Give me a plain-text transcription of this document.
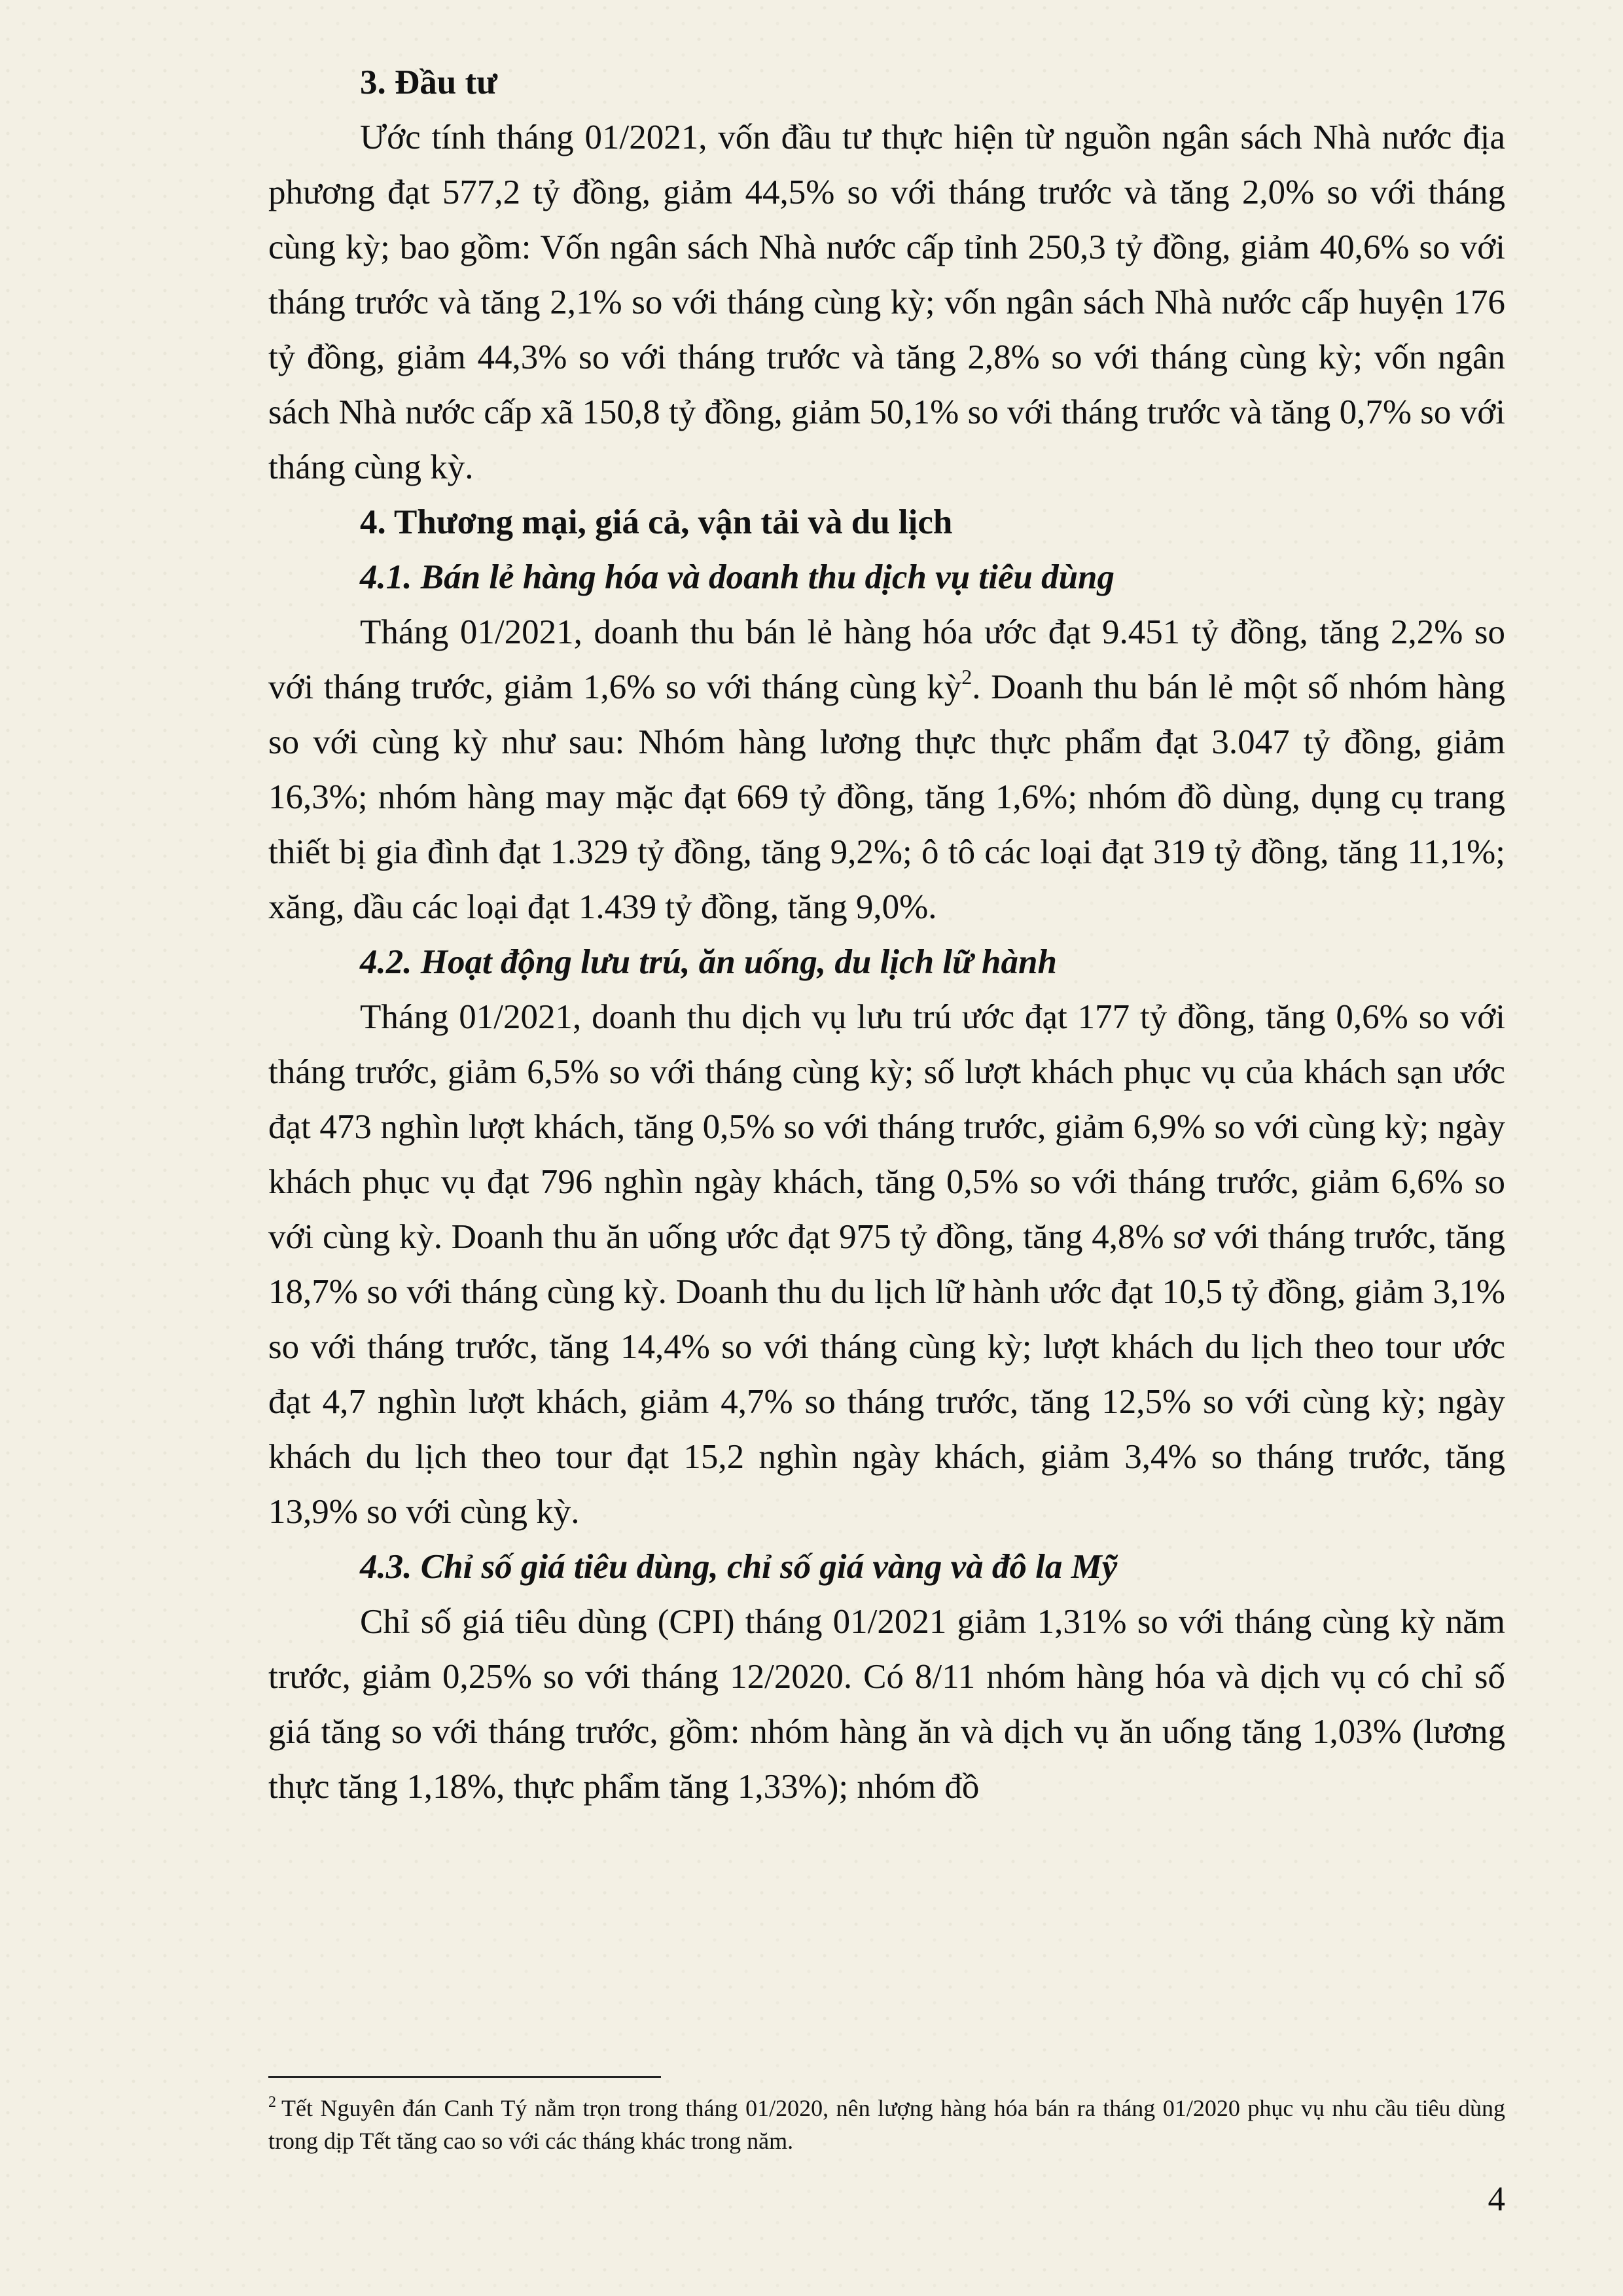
3. Đầu tư

Ước tính tháng 01/2021, vốn đầu tư thực hiện từ nguồn ngân sách Nhà nước địa phương đạt 577,2 tỷ đồng, giảm 44,5% so với tháng trước và tăng 2,0% so với tháng cùng kỳ; bao gồm: Vốn ngân sách Nhà nước cấp tỉnh 250,3 tỷ đồng, giảm 40,6% so với tháng trước và tăng 2,1% so với tháng cùng kỳ; vốn ngân sách Nhà nước cấp huyện 176 tỷ đồng, giảm 44,3% so với tháng trước và tăng 2,8% so với tháng cùng kỳ; vốn ngân sách Nhà nước cấp xã 150,8 tỷ đồng, giảm 50,1% so với tháng trước và tăng 0,7% so với tháng cùng kỳ.

4. Thương mại, giá cả, vận tải và du lịch
4.1. Bán lẻ hàng hóa và doanh thu dịch vụ tiêu dùng

Tháng 01/2021, doanh thu bán lẻ hàng hóa ước đạt 9.451 tỷ đồng, tăng 2,2% so với tháng trước, giảm 1,6% so với tháng cùng kỳ$^2$. Doanh thu bán lẻ một số nhóm hàng so với cùng kỳ như sau: Nhóm hàng lương thực thực phẩm đạt 3.047 tỷ đồng, giảm 16,3%; nhóm hàng may mặc đạt 669 tỷ đồng, tăng 1,6%; nhóm đồ dùng, dụng cụ trang thiết bị gia đình đạt 1.329 tỷ đồng, tăng 9,2%; ô tô các loại đạt 319 tỷ đồng, tăng 11,1%; xăng, dầu các loại đạt 1.439 tỷ đồng, tăng 9,0%.

4.2. Hoạt động lưu trú, ăn uống, du lịch lữ hành

Tháng 01/2021, doanh thu dịch vụ lưu trú ước đạt 177 tỷ đồng, tăng 0,6% so với tháng trước, giảm 6,5% so với tháng cùng kỳ; số lượt khách phục vụ của khách sạn ước đạt 473 nghìn lượt khách, tăng 0,5% so với tháng trước, giảm 6,9% so với cùng kỳ; ngày khách phục vụ đạt 796 nghìn ngày khách, tăng 0,5% so với tháng trước, giảm 6,6% so với cùng kỳ. Doanh thu ăn uống ước đạt 975 tỷ đồng, tăng 4,8% sơ với tháng trước, tăng 18,7% so với tháng cùng kỳ. Doanh thu du lịch lữ hành ước đạt 10,5 tỷ đồng, giảm 3,1% so với tháng trước, tăng 14,4% so với tháng cùng kỳ; lượt khách du lịch theo tour ước đạt 4,7 nghìn lượt khách, giảm 4,7% so tháng trước, tăng 12,5% so với cùng kỳ; ngày khách du lịch theo tour đạt 15,2 nghìn ngày khách, giảm 3,4% so tháng trước, tăng 13,9% so với cùng kỳ.

4.3. Chỉ số giá tiêu dùng, chỉ số giá vàng và đô la Mỹ

Chỉ số giá tiêu dùng (CPI) tháng 01/2021 giảm 1,31% so với tháng cùng kỳ năm trước, giảm 0,25% so với tháng 12/2020. Có 8/11 nhóm hàng hóa và dịch vụ có chỉ số giá tăng so với tháng trước, gồm: nhóm hàng ăn và dịch vụ ăn uống tăng 1,03% (lương thực tăng 1,18%, thực phẩm tăng 1,33%); nhóm đồ

$^2$ Tết Nguyên đán Canh Tý nằm trọn trong tháng 01/2020, nên lượng hàng hóa bán ra tháng 01/2020 phục vụ nhu cầu tiêu dùng trong dịp Tết tăng cao so với các tháng khác trong năm.
4
